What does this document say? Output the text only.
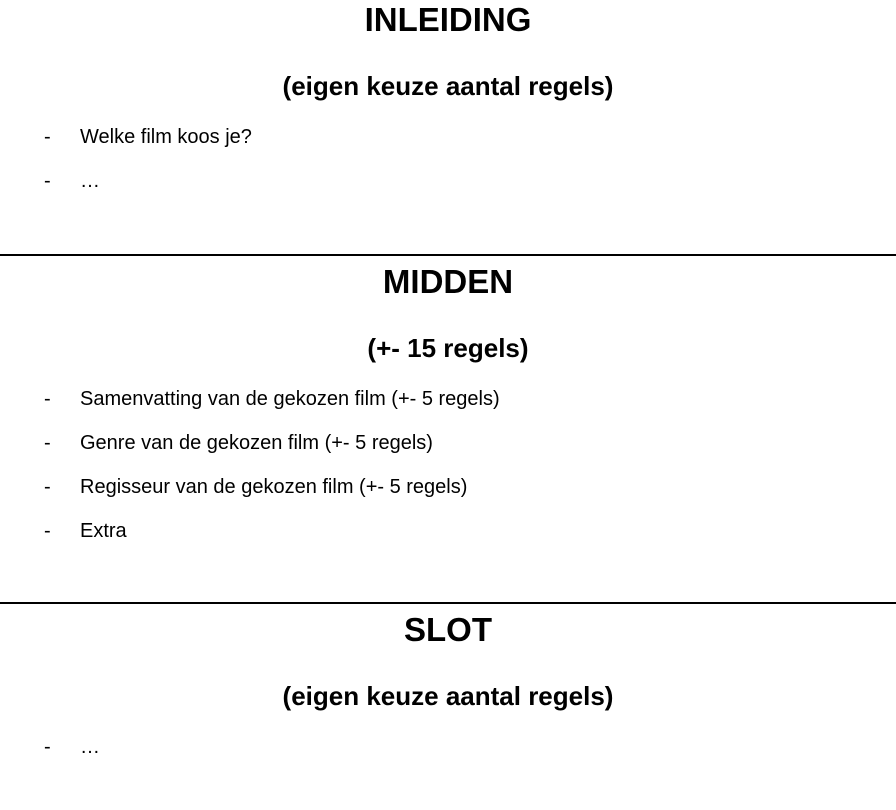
INLEIDING
(eigen keuze aantal regels)
- Welke film koos je?
- …
MIDDEN
(+- 15 regels)
- Samenvatting van de gekozen film (+- 5 regels)
- Genre van de gekozen film (+- 5 regels)
- Regisseur van de gekozen film (+- 5 regels)
- Extra
SLOT
(eigen keuze aantal regels)
- …
